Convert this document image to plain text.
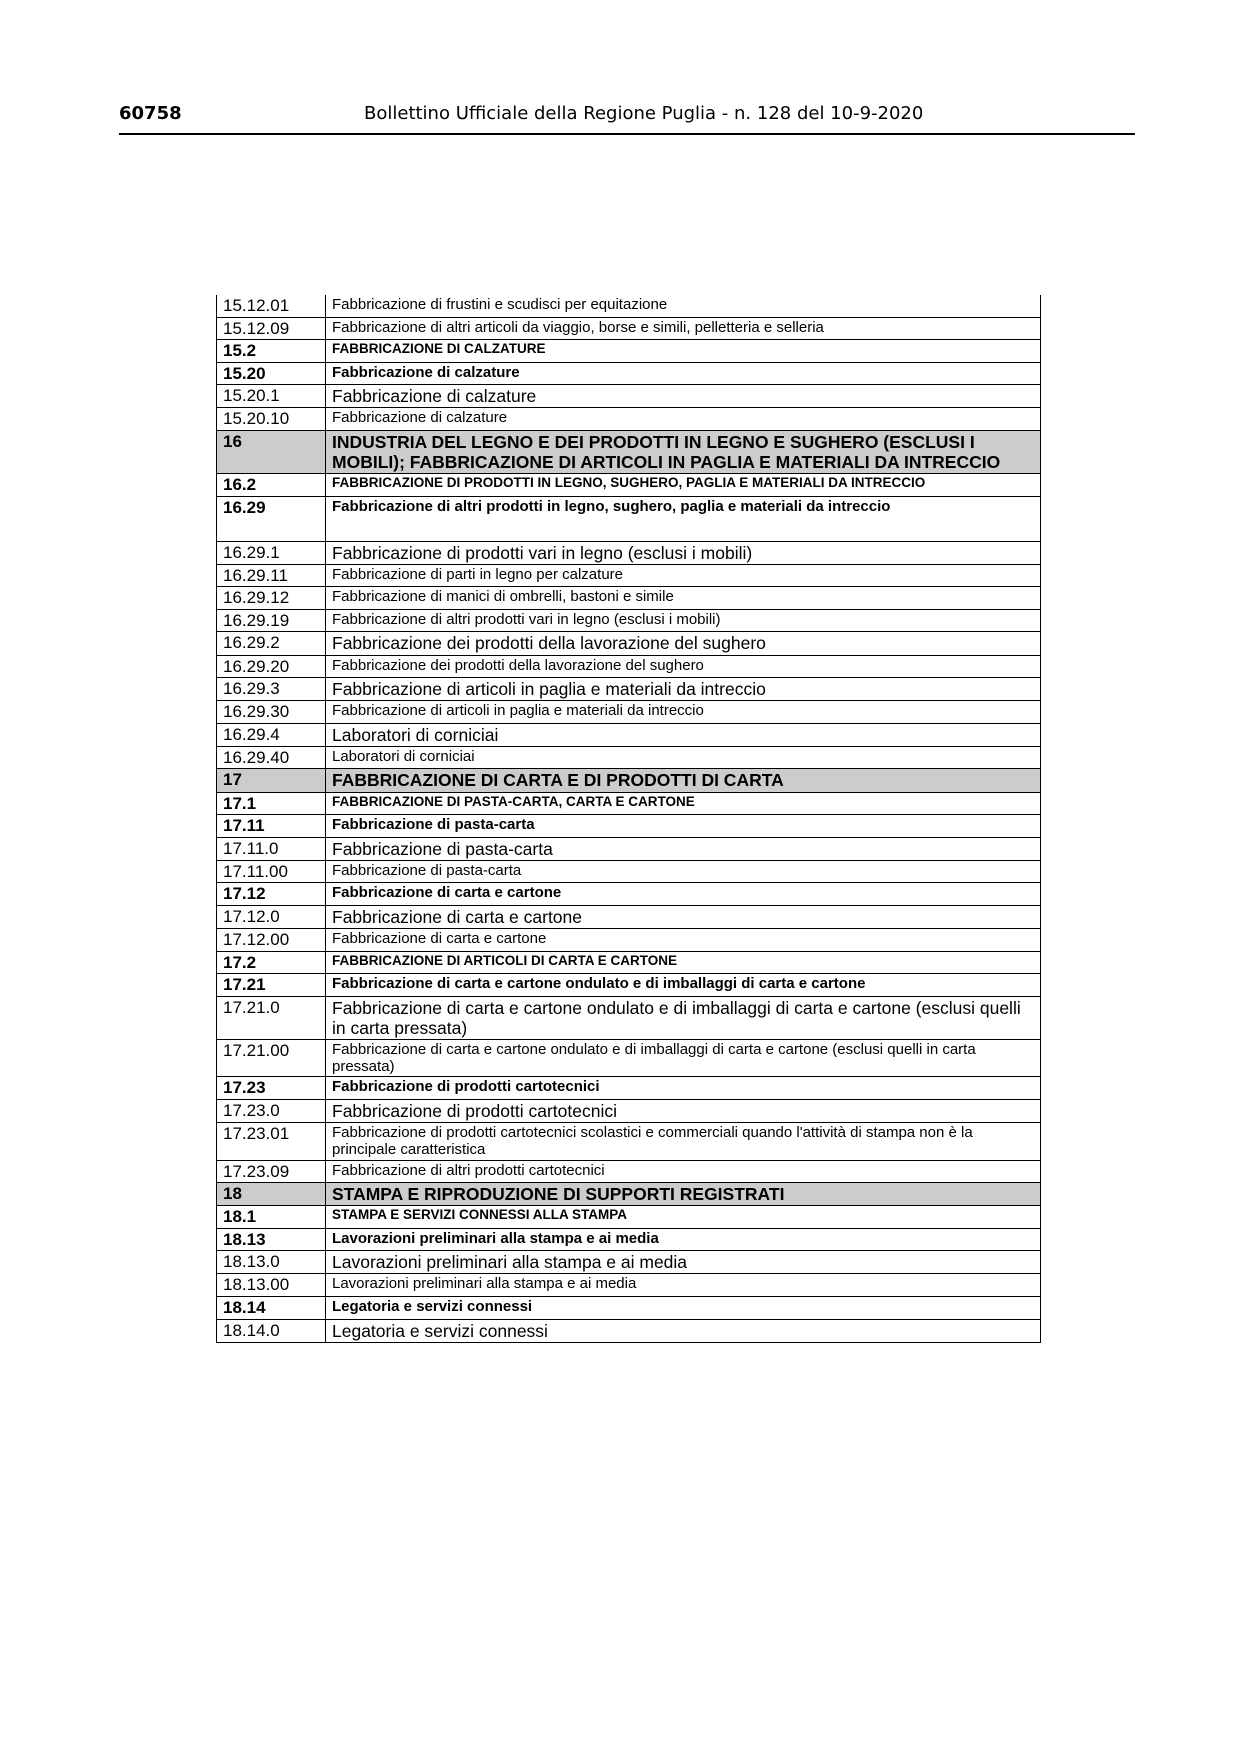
60758	Bollettino Ufficiale della Regione Puglia - n. 128 del 10-9-2020
15.12.01	Fabbricazione di frustini e scudisci per equitazione
15.12.09	Fabbricazione di altri articoli da viaggio, borse e simili, pelletteria e selleria
15.2	FABBRICAZIONE DI CALZATURE
15.20	Fabbricazione di calzature
15.20.1	Fabbricazione di calzature
15.20.10	Fabbricazione di calzature
16	INDUSTRIA DEL LEGNO E DEI PRODOTTI IN LEGNO E SUGHERO (ESCLUSI I MOBILI); FABBRICAZIONE DI ARTICOLI IN PAGLIA E MATERIALI DA INTRECCIO
16.2	FABBRICAZIONE DI PRODOTTI IN LEGNO, SUGHERO, PAGLIA E MATERIALI DA INTRECCIO
16.29	Fabbricazione di altri prodotti in legno, sughero, paglia e materiali da intreccio
16.29.1	Fabbricazione di prodotti vari in legno (esclusi i mobili)
16.29.11	Fabbricazione di parti in legno per calzature
16.29.12	Fabbricazione di manici di ombrelli, bastoni e simile
16.29.19	Fabbricazione di altri prodotti vari in legno (esclusi i mobili)
16.29.2	Fabbricazione dei prodotti della lavorazione del sughero
16.29.20	Fabbricazione dei prodotti della lavorazione del sughero
16.29.3	Fabbricazione di articoli in paglia e materiali da intreccio
16.29.30	Fabbricazione di articoli in paglia e materiali da intreccio
16.29.4	Laboratori di corniciai
16.29.40	Laboratori di corniciai
17	FABBRICAZIONE DI CARTA E DI PRODOTTI DI CARTA
17.1	FABBRICAZIONE DI PASTA-CARTA, CARTA E CARTONE
17.11	Fabbricazione di pasta-carta
17.11.0	Fabbricazione di pasta-carta
17.11.00	Fabbricazione di pasta-carta
17.12	Fabbricazione di carta e cartone
17.12.0	Fabbricazione di carta e cartone
17.12.00	Fabbricazione di carta e cartone
17.2	FABBRICAZIONE DI ARTICOLI DI CARTA E CARTONE
17.21	Fabbricazione di carta e cartone ondulato e di imballaggi di carta e cartone
17.21.0	Fabbricazione di carta e cartone ondulato e di imballaggi di carta e cartone (esclusi quelli in carta pressata)
17.21.00	Fabbricazione di carta e cartone ondulato e di imballaggi di carta e cartone (esclusi quelli in carta pressata)
17.23	Fabbricazione di prodotti cartotecnici
17.23.0	Fabbricazione di prodotti cartotecnici
17.23.01	Fabbricazione di prodotti cartotecnici scolastici e commerciali quando l'attività di stampa non è la principale caratteristica
17.23.09	Fabbricazione di altri prodotti cartotecnici
18	STAMPA E RIPRODUZIONE DI SUPPORTI REGISTRATI
18.1	STAMPA E SERVIZI CONNESSI ALLA STAMPA
18.13	Lavorazioni preliminari alla stampa e ai media
18.13.0	Lavorazioni preliminari alla stampa e ai media
18.13.00	Lavorazioni preliminari alla stampa e ai media
18.14	Legatoria e servizi connessi
18.14.0	Legatoria e servizi connessi
